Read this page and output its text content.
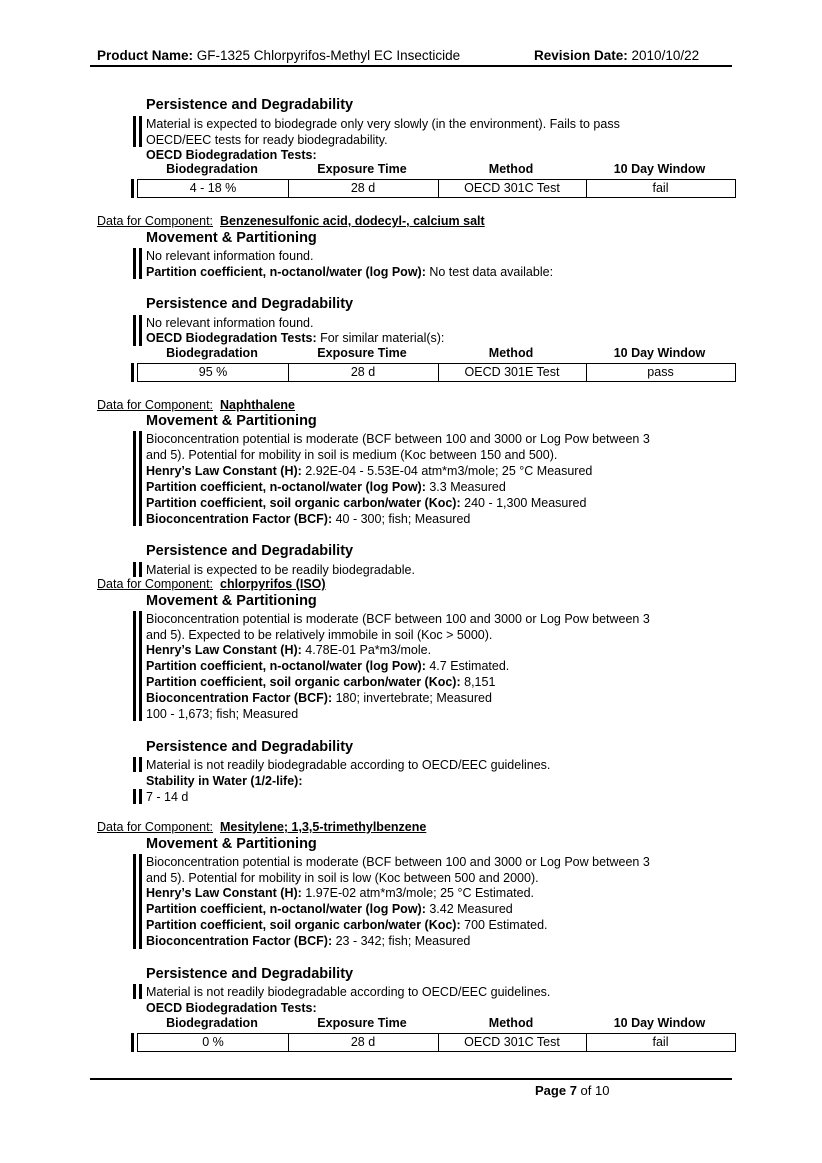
Product Name: GF-1325 Chlorpyrifos-Methyl EC Insecticide	Revision Date: 2010/10/22
Persistence and Degradability
Material is expected to biodegrade only very slowly (in the environment). Fails to pass
OECD/EEC tests for ready biodegradability.
OECD Biodegradation Tests:
Biodegradation	Exposure Time	Method	10 Day Window
4 - 18 %	28 d	OECD 301C Test	fail
Data for Component: Benzenesulfonic acid, dodecyl-, calcium salt
Movement & Partitioning
No relevant information found.
Partition coefficient, n-octanol/water (log Pow): No test data available:
Persistence and Degradability
No relevant information found.
OECD Biodegradation Tests: For similar material(s):
Biodegradation	Exposure Time	Method	10 Day Window
95 %	28 d	OECD 301E Test	pass
Data for Component: Naphthalene
Movement & Partitioning
Bioconcentration potential is moderate (BCF between 100 and 3000 or Log Pow between 3
and 5). Potential for mobility in soil is medium (Koc between 150 and 500).
Henry’s Law Constant (H): 2.92E-04 - 5.53E-04 atm*m3/mole; 25 °C Measured
Partition coefficient, n-octanol/water (log Pow): 3.3 Measured
Partition coefficient, soil organic carbon/water (Koc): 240 - 1,300 Measured
Bioconcentration Factor (BCF): 40 - 300; fish; Measured
Persistence and Degradability
Material is expected to be readily biodegradable.
Data for Component: chlorpyrifos (ISO)
Movement & Partitioning
Bioconcentration potential is moderate (BCF between 100 and 3000 or Log Pow between 3
and 5). Expected to be relatively immobile in soil (Koc > 5000).
Henry’s Law Constant (H): 4.78E-01 Pa*m3/mole.
Partition coefficient, n-octanol/water (log Pow): 4.7 Estimated.
Partition coefficient, soil organic carbon/water (Koc): 8,151
Bioconcentration Factor (BCF): 180; invertebrate; Measured
100 - 1,673; fish; Measured
Persistence and Degradability
Material is not readily biodegradable according to OECD/EEC guidelines.
Stability in Water (1/2-life):
7 - 14 d
Data for Component: Mesitylene; 1,3,5-trimethylbenzene
Movement & Partitioning
Bioconcentration potential is moderate (BCF between 100 and 3000 or Log Pow between 3
and 5). Potential for mobility in soil is low (Koc between 500 and 2000).
Henry’s Law Constant (H): 1.97E-02 atm*m3/mole; 25 °C Estimated.
Partition coefficient, n-octanol/water (log Pow): 3.42 Measured
Partition coefficient, soil organic carbon/water (Koc): 700 Estimated.
Bioconcentration Factor (BCF): 23 - 342; fish; Measured
Persistence and Degradability
Material is not readily biodegradable according to OECD/EEC guidelines.
OECD Biodegradation Tests:
Biodegradation	Exposure Time	Method	10 Day Window
0 %	28 d	OECD 301C Test	fail
Page 7 of 10
